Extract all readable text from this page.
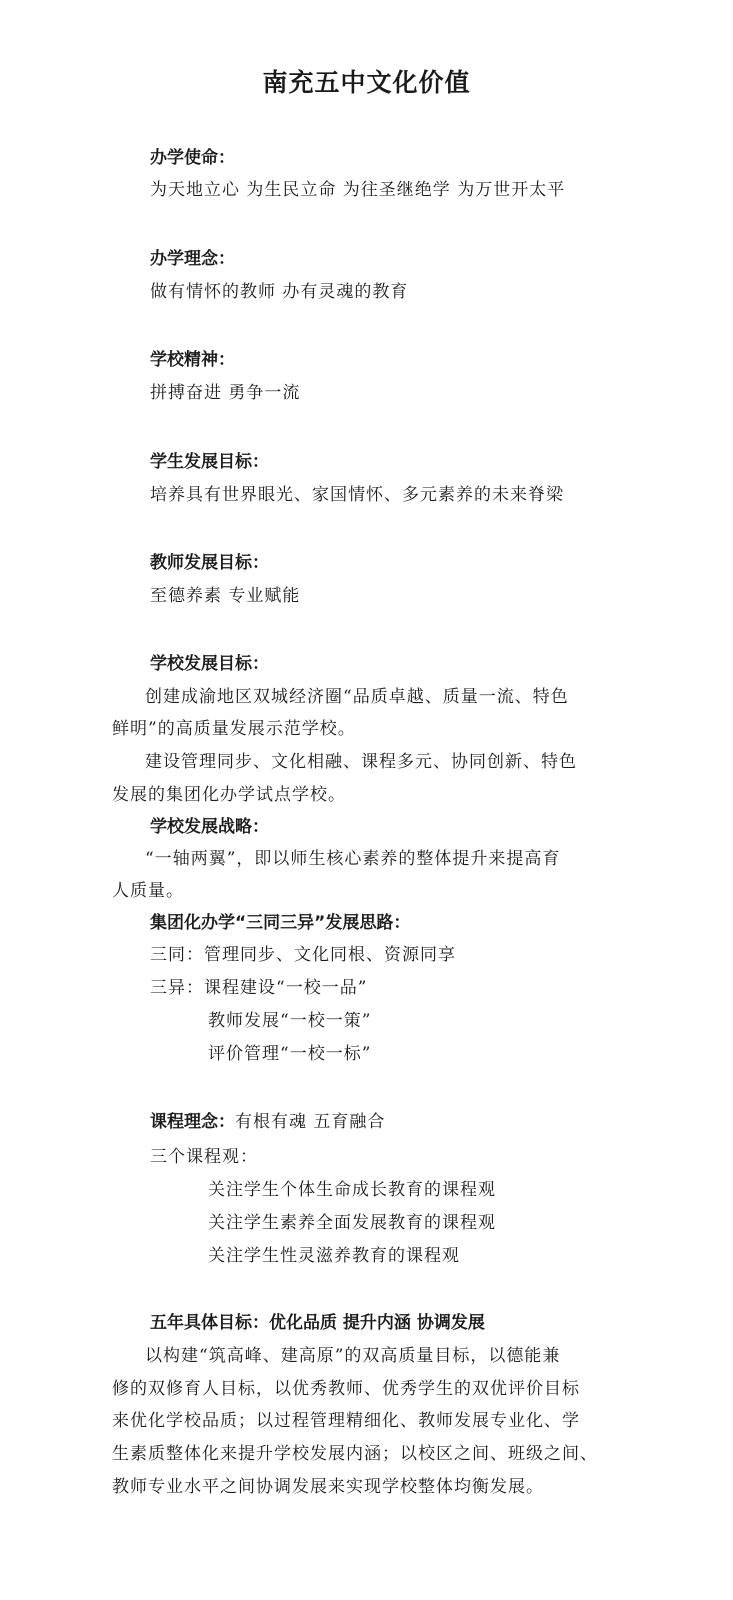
南充五中文化价值
办学使命：
为天地立心 为生民立命 为往圣继绝学 为万世开太平
办学理念：
做有情怀的教师 办有灵魂的教育
学校精神：
拼搏奋进 勇争一流
学生发展目标：
培养具有世界眼光、家国情怀、多元素养的未来脊梁
教师发展目标：
至德养素 专业赋能
学校发展目标：
创建成渝地区双城经济圈“品质卓越、质量一流、特色
鲜明”的高质量发展示范学校。
建设管理同步、文化相融、课程多元、协同创新、特色
发展的集团化办学试点学校。
学校发展战略：
“一轴两翼”，即以师生核心素养的整体提升来提高育
人质量。
集团化办学“三同三异”发展思路：
三同：管理同步、文化同根、资源同享
三异：课程建设“一校一品”
教师发展“一校一策”
评价管理“一校一标”
课程理念：有根有魂 五育融合
三个课程观：
关注学生个体生命成长教育的课程观
关注学生素养全面发展教育的课程观
关注学生性灵滋养教育的课程观
五年具体目标：优化品质 提升内涵 协调发展
以构建“筑高峰、建高原”的双高质量目标，以德能兼
修的双修育人目标，以优秀教师、优秀学生的双优评价目标
来优化学校品质；以过程管理精细化、教师发展专业化、学
生素质整体化来提升学校发展内涵；以校区之间、班级之间、
教师专业水平之间协调发展来实现学校整体均衡发展。
